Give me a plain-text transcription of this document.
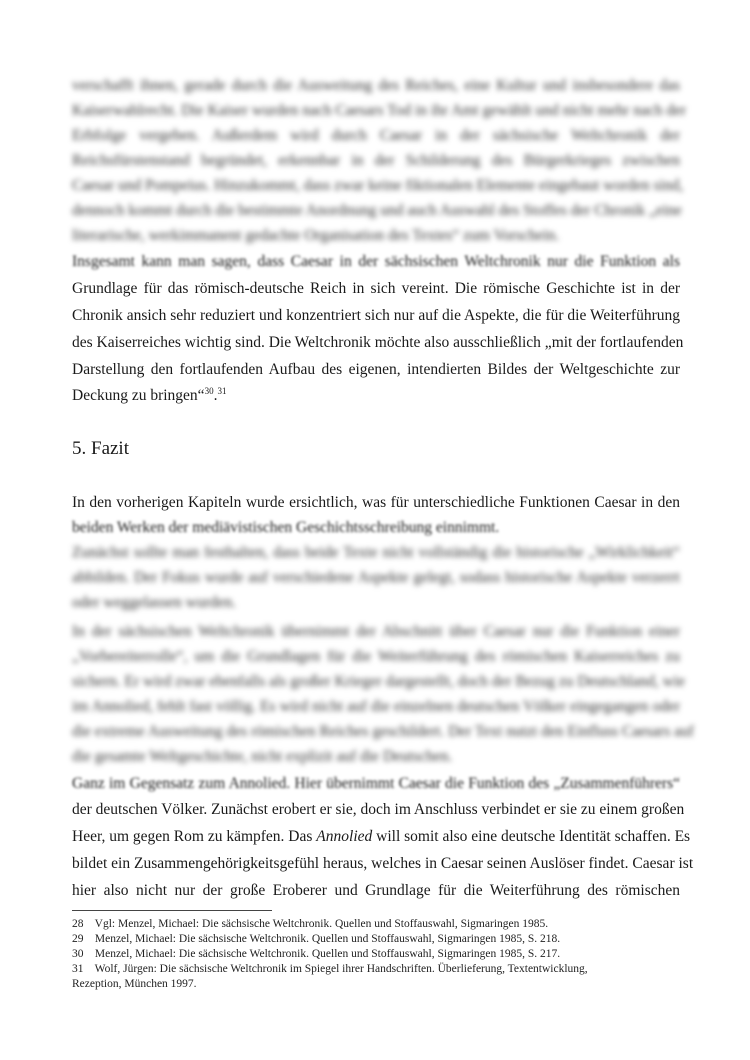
verschafft ihnen, gerade durch die Ausweitung des Reiches, eine Kultur und insbesondere das
Kaiserwahlrecht. Die Kaiser wurden nach Caesars Tod in ihr Amt gewählt und nicht mehr nach der
Erbfolge vergeben. Außerdem wird durch Caesar in der sächsische Weltchronik der
Reichsfürstenstand begründet, erkennbar in der Schilderung des Bürgerkrieges zwischen
Caesar und Pompeius. Hinzukommt, dass zwar keine fiktionalen Elemente eingebaut worden sind,
dennoch kommt durch die bestimmte Anordnung und auch Auswahl des Stoffes der Chronik „eine
literarische, werkimmanent gedachte Organisation des Textes“ zum Vorschein.
Insgesamt kann man sagen, dass Caesar in der sächsischen Weltchronik nur die Funktion als
Grundlage für das römisch-deutsche Reich in sich vereint. Die römische Geschichte ist in der
Chronik ansich sehr reduziert und konzentriert sich nur auf die Aspekte, die für die Weiterführung
des Kaiserreiches wichtig sind. Die Weltchronik möchte also ausschließlich „mit der fortlaufenden
Darstellung den fortlaufenden Aufbau des eigenen, intendierten Bildes der Weltgeschichte zur
Deckung zu bringen“$^{30}$.$^{31}$
5. Fazit
In den vorherigen Kapiteln wurde ersichtlich, was für unterschiedliche Funktionen Caesar in den
beiden Werken der mediävistischen Geschichtsschreibung einnimmt.
Zunächst sollte man festhalten, dass beide Texte nicht vollständig die historische „Wirklichkeit“
abbilden. Der Fokus wurde auf verschiedene Aspekte gelegt, sodass historische Aspekte verzerrt
oder weggelassen wurden.
In der sächsischen Weltchronik übernimmt der Abschnitt über Caesar nur die Funktion einer
„Vorbereiterrolle“, um die Grundlagen für die Weiterführung des römischen Kaiserreiches zu
sichern. Er wird zwar ebenfalls als großer Krieger dargestellt, doch der Bezug zu Deutschland, wie
im Annolied, fehlt fast völlig. Es wird nicht auf die einzelnen deutschen Völker eingegangen oder
die extreme Ausweitung des römischen Reiches geschildert. Der Text nutzt den Einfluss Caesars auf
die gesamte Weltgeschichte, nicht explizit auf die Deutschen.
Ganz im Gegensatz zum Annolied. Hier übernimmt Caesar die Funktion des „Zusammenführers“
der deutschen Völker. Zunächst erobert er sie, doch im Anschluss verbindet er sie zu einem großen
Heer, um gegen Rom zu kämpfen. Das Annolied will somit also eine deutsche Identität schaffen. Es
bildet ein Zusammengehörigkeitsgefühl heraus, welches in Caesar seinen Auslöser findet. Caesar ist
hier also nicht nur der große Eroberer und Grundlage für die Weiterführung des römischen
28 Vgl: Menzel, Michael: Die sächsische Weltchronik. Quellen und Stoffauswahl, Sigmaringen 1985.
29 Menzel, Michael: Die sächsische Weltchronik. Quellen und Stoffauswahl, Sigmaringen 1985, S. 218.
30 Menzel, Michael: Die sächsische Weltchronik. Quellen und Stoffauswahl, Sigmaringen 1985, S. 217.
31 Wolf, Jürgen: Die sächsische Weltchronik im Spiegel ihrer Handschriften. Überlieferung, Textentwicklung,
Rezeption, München 1997.
